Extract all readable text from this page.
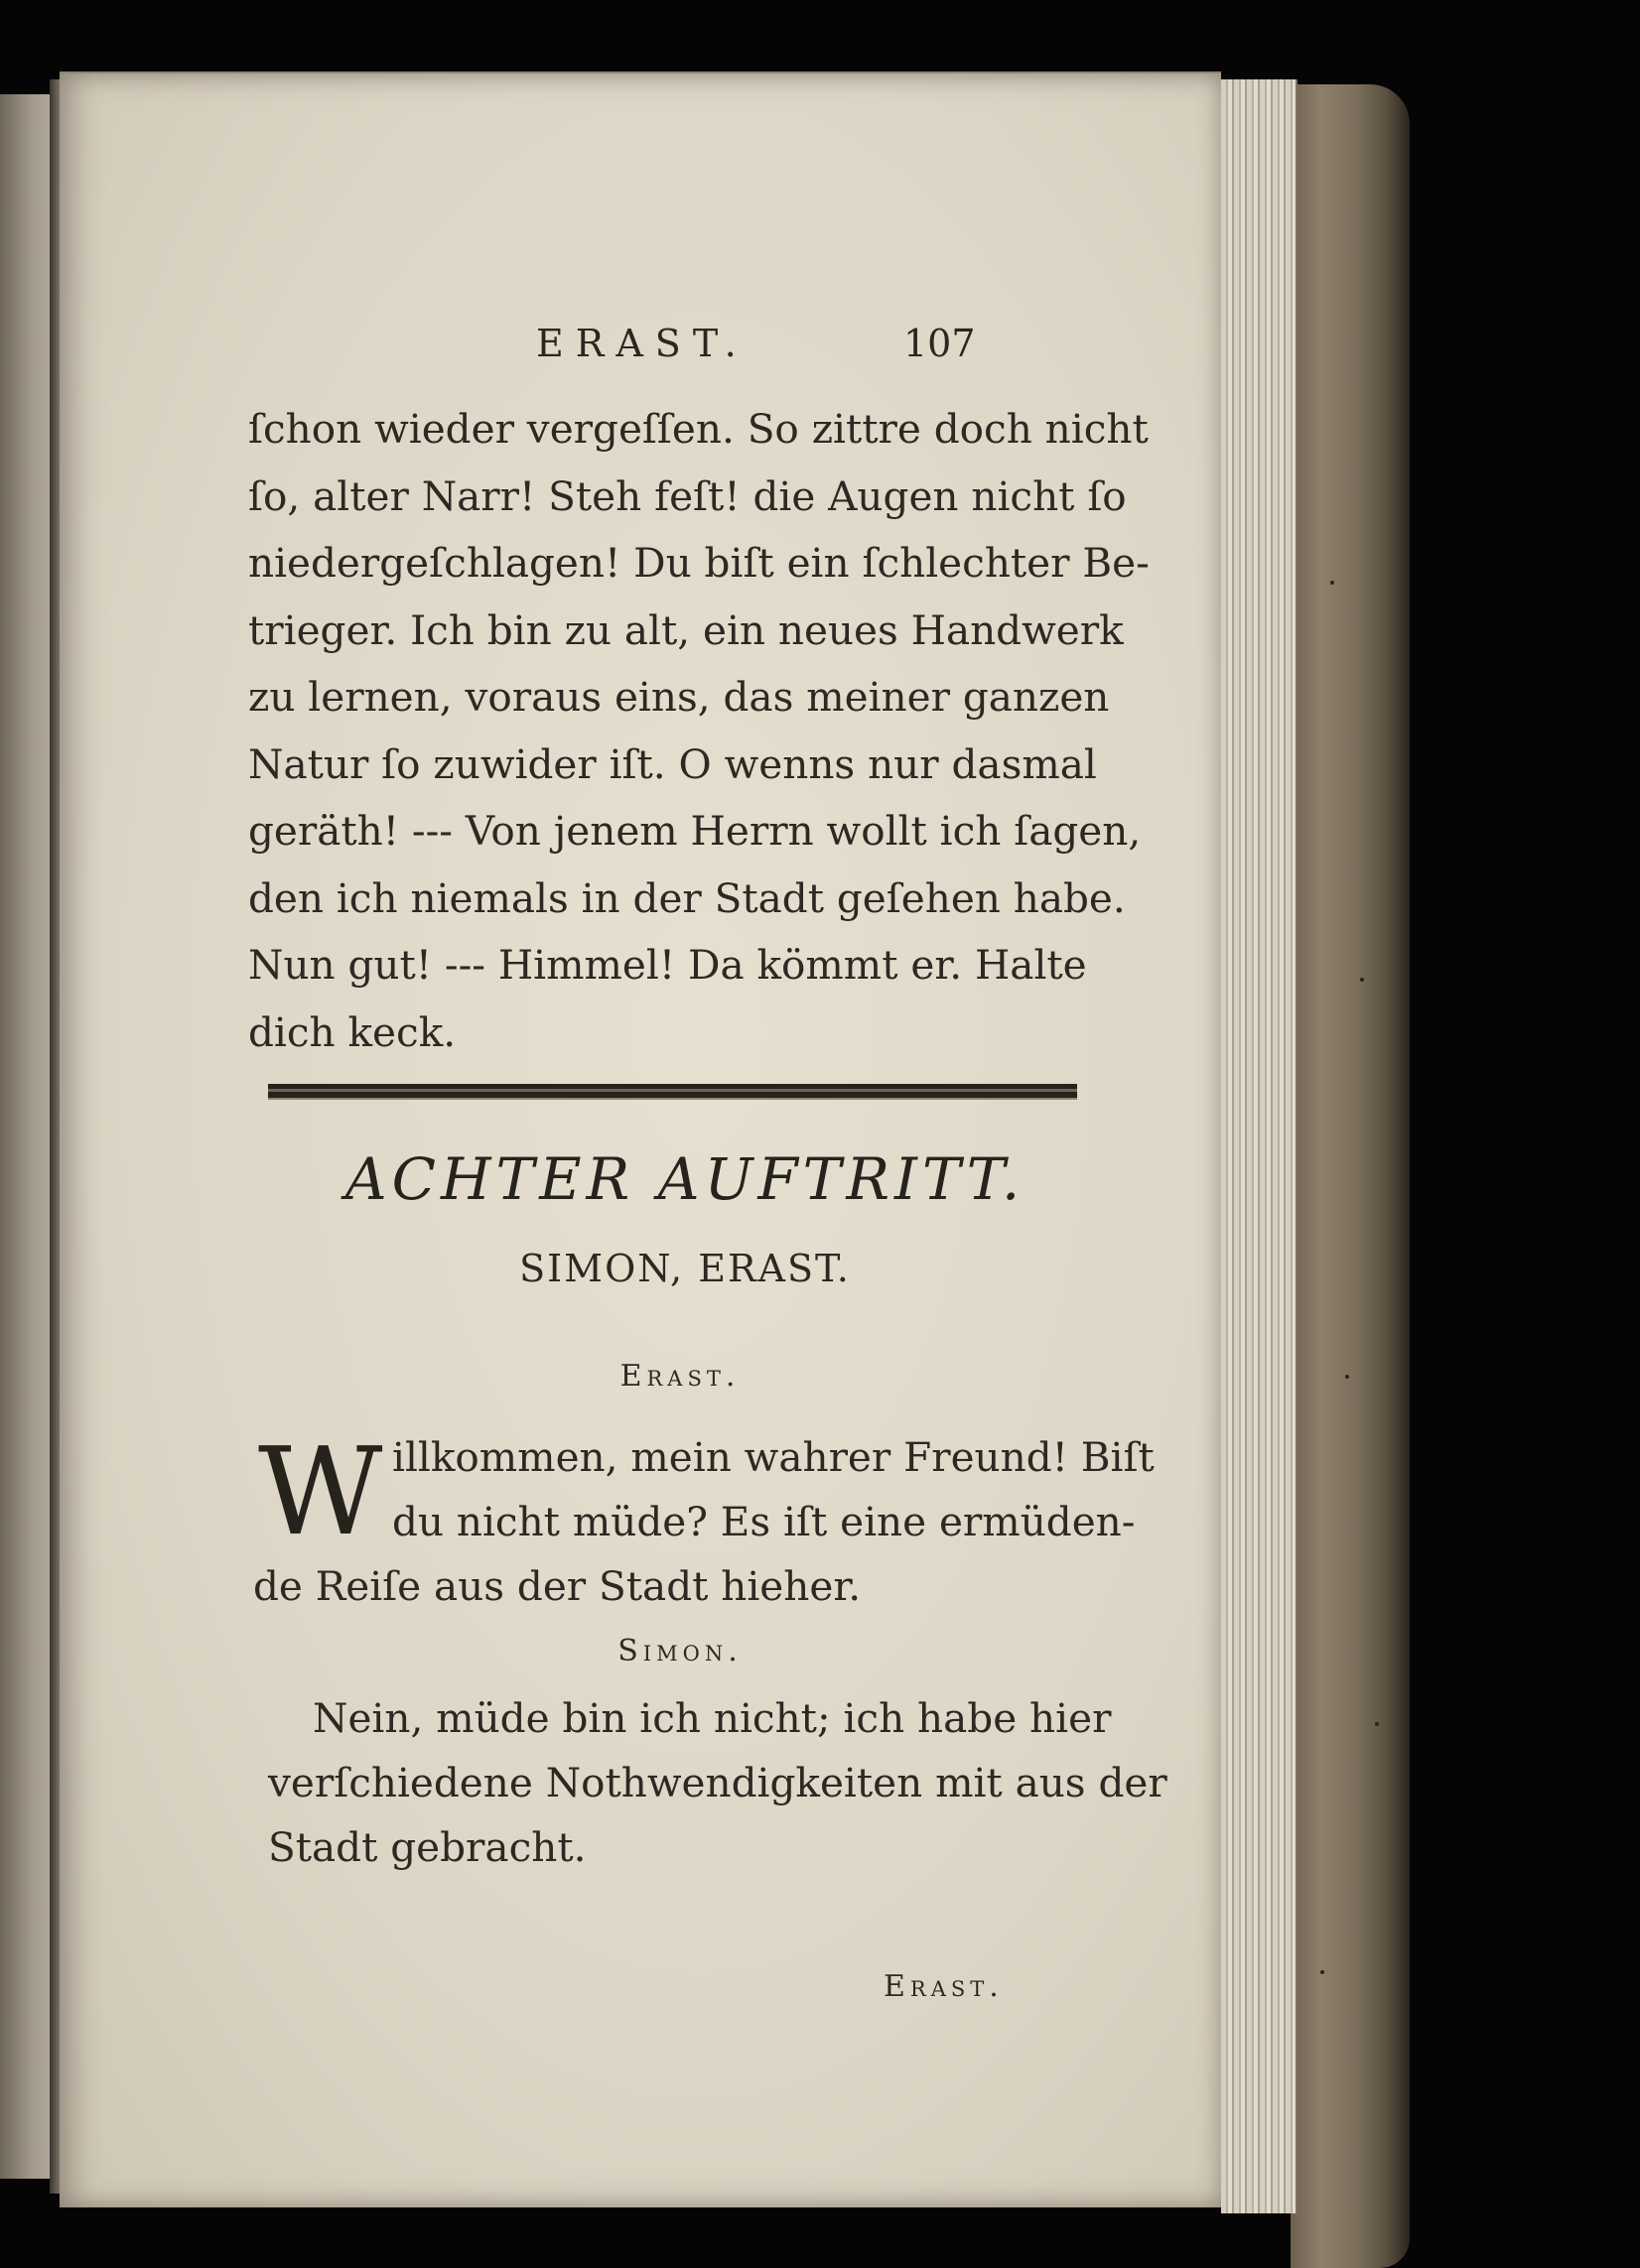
ERAST.	107
ſchon wieder vergeſſen. So zittre doch nicht
ſo, alter Narr! Steh feſt! die Augen nicht ſo
niedergeſchlagen! Du biſt ein ſchlechter Be-
trieger. Ich bin zu alt, ein neues Handwerk
zu lernen, voraus eins, das meiner ganzen
Natur ſo zuwider iſt. O wenns nur dasmal
geräth! --- Von jenem Herrn wollt ich ſagen,
den ich niemals in der Stadt geſehen habe.
Nun gut! --- Himmel! Da kömmt er. Halte
dich keck.
ACHTER AUFTRITT.
SIMON, ERAST.
Erast.
W illkommen, mein wahrer Freund! Biſt
du nicht müde? Es iſt eine ermüden-
de Reiſe aus der Stadt hieher.
Simon.
Nein, müde bin ich nicht; ich habe hier
verſchiedene Nothwendigkeiten mit aus der
Stadt gebracht.
Erast.
